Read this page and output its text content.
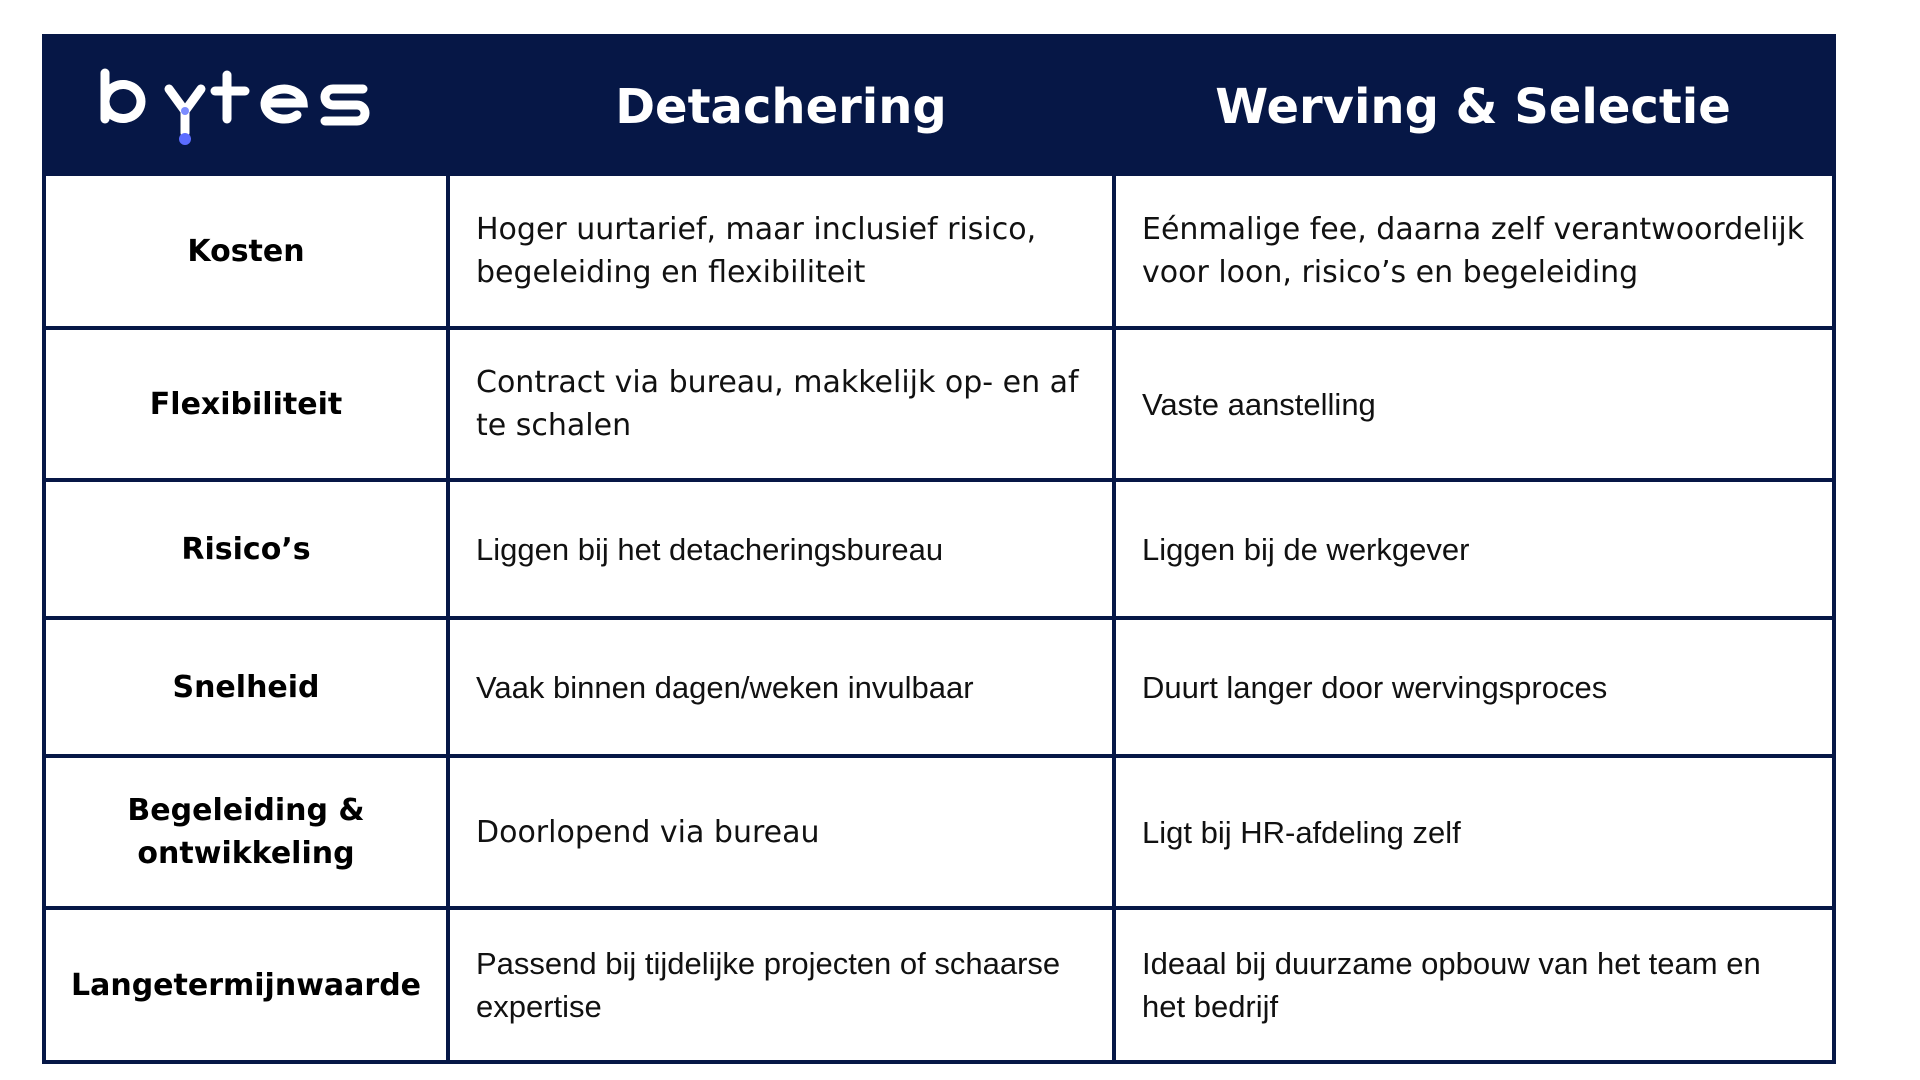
	Detachering	Werving & Selectie
Kosten	Hoger uurtarief, maar inclusief risico, begeleiding en flexibiliteit	Eénmalige fee, daarna zelf verantwoordelijk voor loon, risico’s en begeleiding
Flexibiliteit	Contract via bureau, makkelijk op- en af te schalen	Vaste aanstelling
Risico’s	Liggen bij het detacheringsbureau	Liggen bij de werkgever
Snelheid	Vaak binnen dagen/weken invulbaar	Duurt langer door wervingsproces
Begeleiding & ontwikkeling	Doorlopend via bureau	Ligt bij HR-afdeling zelf
Langetermijnwaarde	Passend bij tijdelijke projecten of schaarse expertise	Ideaal bij duurzame opbouw van het team en het bedrijf
